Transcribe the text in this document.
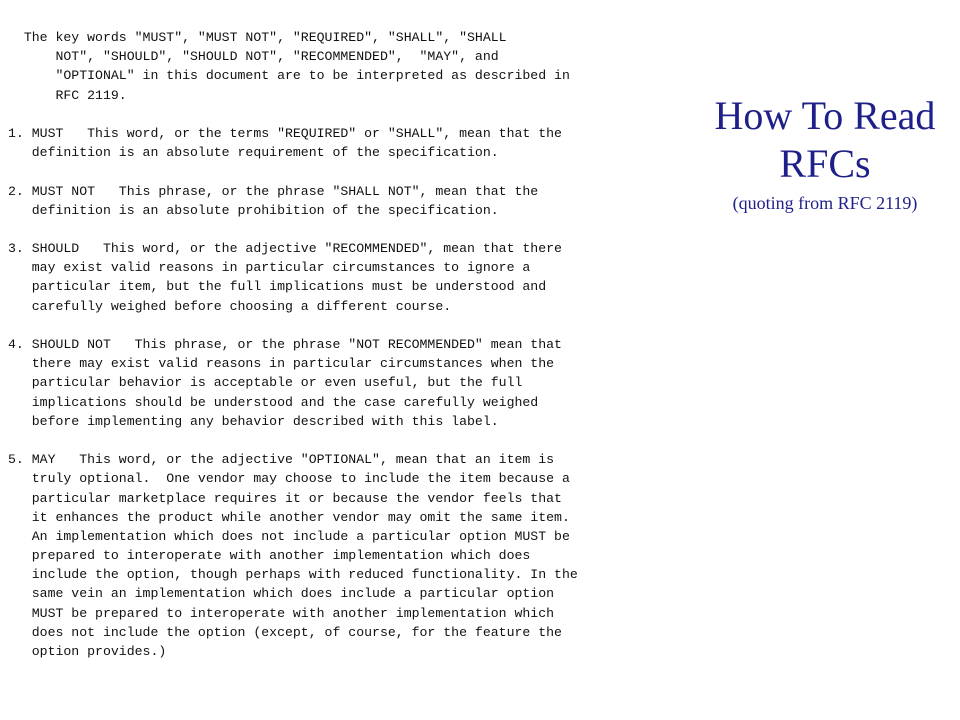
The key words "MUST", "MUST NOT", "REQUIRED", "SHALL", "SHALL
NOT", "SHOULD", "SHOULD NOT", "RECOMMENDED",  "MAY", and
"OPTIONAL" in this document are to be interpreted as described in
RFC 2119.
1. MUST   This word, or the terms "REQUIRED" or "SHALL", mean that the
definition is an absolute requirement of the specification.
2. MUST NOT   This phrase, or the phrase "SHALL NOT", mean that the
definition is an absolute prohibition of the specification.
3. SHOULD   This word, or the adjective "RECOMMENDED", mean that there
may exist valid reasons in particular circumstances to ignore a
particular item, but the full implications must be understood and
carefully weighed before choosing a different course.
4. SHOULD NOT   This phrase, or the phrase "NOT RECOMMENDED" mean that
there may exist valid reasons in particular circumstances when the
particular behavior is acceptable or even useful, but the full
implications should be understood and the case carefully weighed
before implementing any behavior described with this label.
5. MAY   This word, or the adjective "OPTIONAL", mean that an item is
truly optional.  One vendor may choose to include the item because a
particular marketplace requires it or because the vendor feels that
it enhances the product while another vendor may omit the same item.
An implementation which does not include a particular option MUST be
prepared to interoperate with another implementation which does
include the option, though perhaps with reduced functionality. In the
same vein an implementation which does include a particular option
MUST be prepared to interoperate with another implementation which
does not include the option (except, of course, for the feature the
option provides.)
How To Read
RFCs
(quoting from RFC 2119)
